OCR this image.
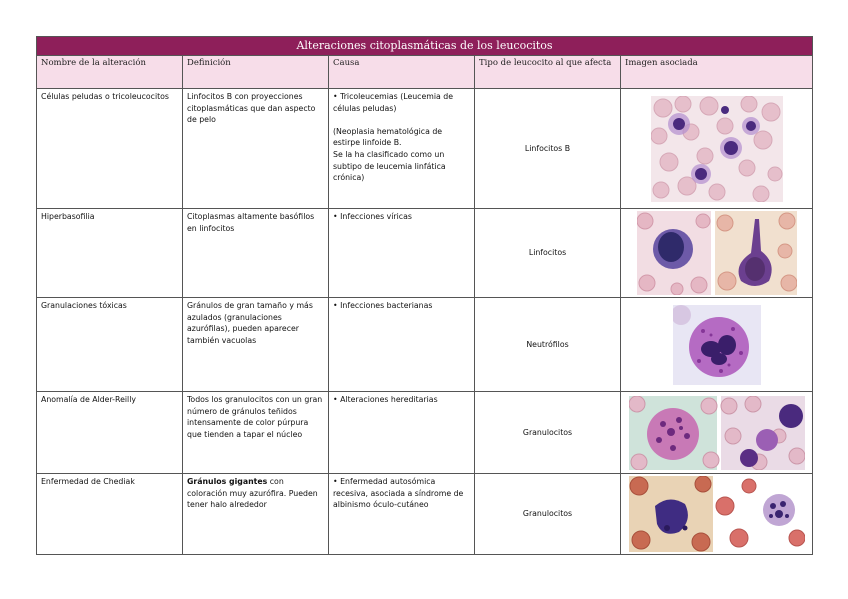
Alteraciones citoplasmáticas de los leucocitos				
Nombre de la alteración	Definición	Causa	Tipo de leucocito al que afecta	Imagen asociada
Células peludas o tricoleucocitos	Linfocitos B con proyecciones citoplasmáticas que dan aspecto de pelo	• Tricoleucemias (Leucemia de células peludas)

(Neoplasia hematológica de estirpe linfoide B.
Se la ha clasificado como un subtipo de leucemia linfática crónica)	Linfocitos B	
Hiperbasofilia	Citoplasmas altamente basófilos en linfocitos	• Infecciones víricas	Linfocitos	
Granulaciones tóxicas	Gránulos de gran tamaño y más azulados (granulaciones azurófilas), pueden aparecer también vacuolas	• Infecciones bacterianas	Neutrófilos	
Anomalía de Alder-Reilly	Todos los granulocitos con un gran número de gránulos teñidos intensamente de color púrpura que tienden a tapar el núcleo	• Alteraciones hereditarias	Granulocitos	
Enfermedad de Chediak	Gránulos gigantes con coloración muy azurófira. Pueden tener halo alrededor	• Enfermedad autosómica recesiva, asociada a síndrome de albinismo óculo-cutáneo	Granulocitos	
